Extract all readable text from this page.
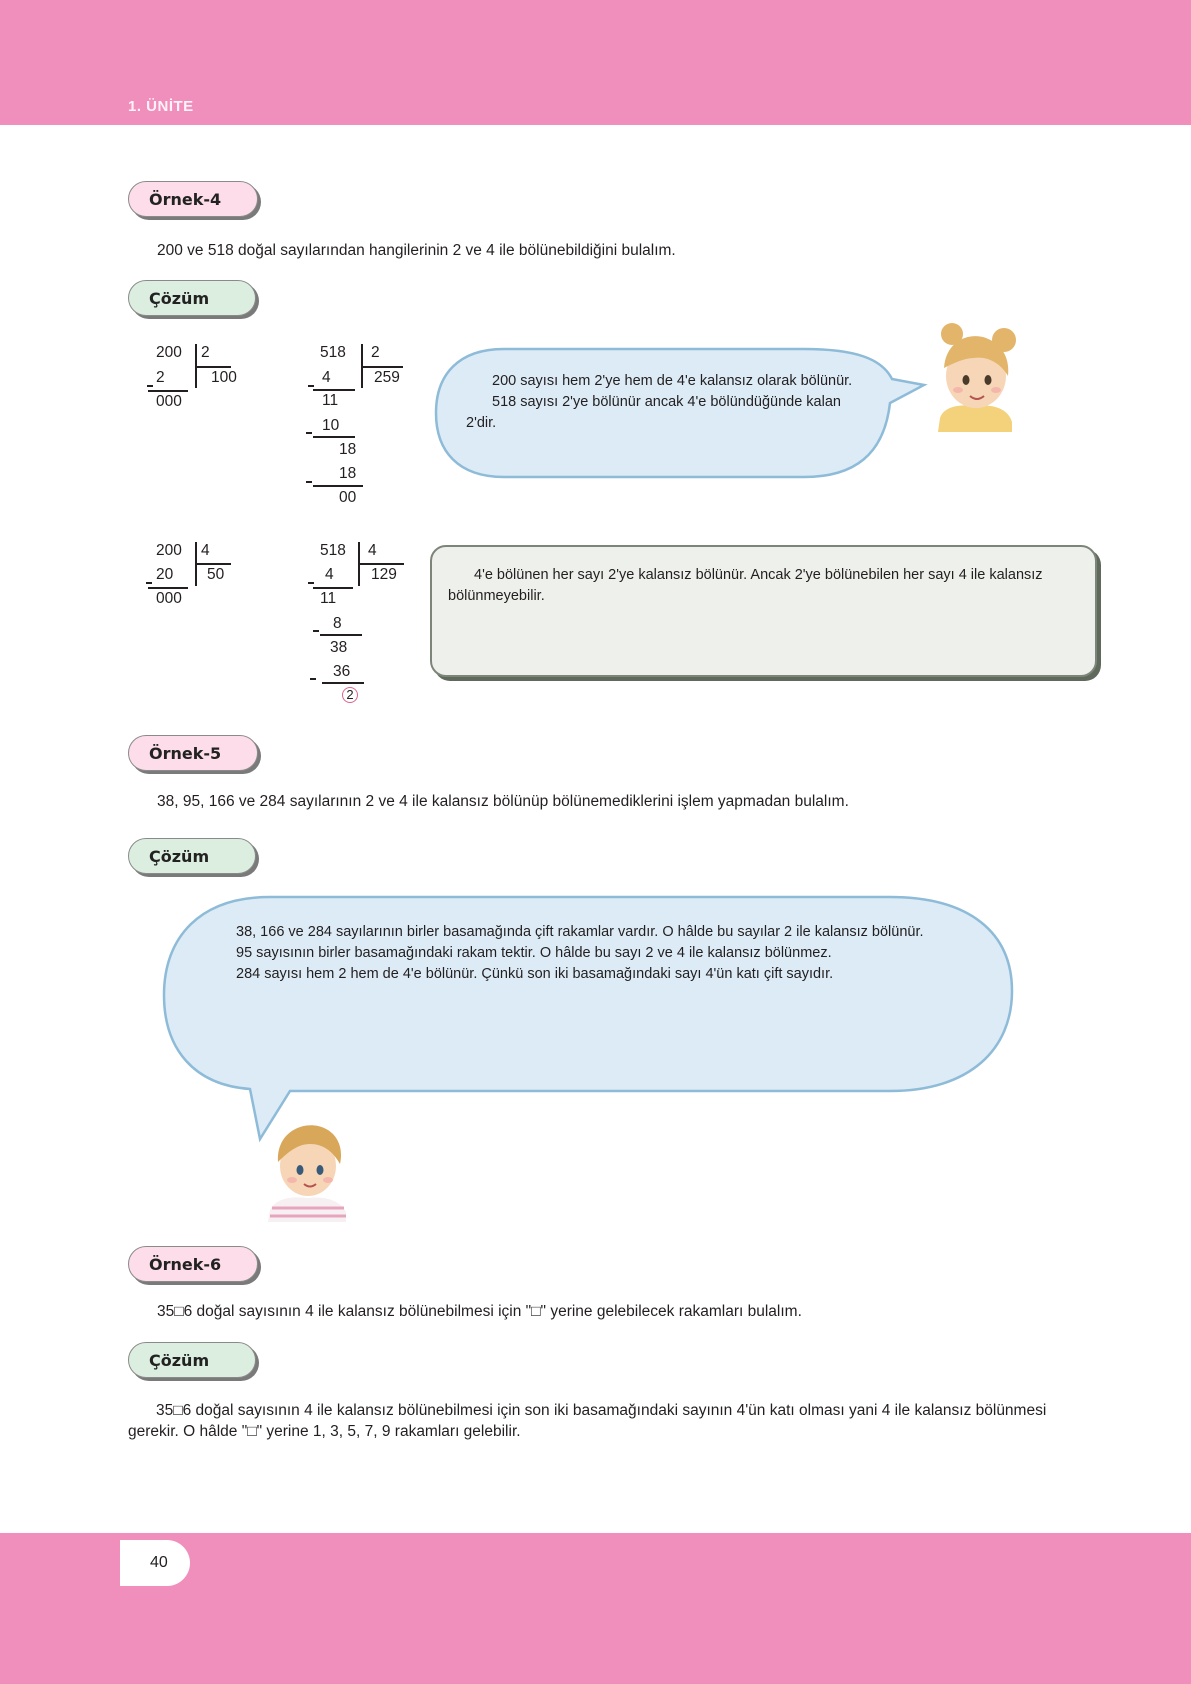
1. ÜNİTE
Örnek-4
200 ve 518 doğal sayılarından hangilerinin 2 ve 4 ile bölünebildiğini bulalım.
Çözüm
200 2
100
2
000
518 2
259
4
11
10
18
18
00
200 sayısı hem 2'ye hem de 4'e kalansız olarak bölünür.
518 sayısı 2'ye bölünür ancak 4'e bölündüğünde kalan 2'dir.
200 4
50
20
000
518 4
129
4
11
8
38
36
2
4'e bölünen her sayı 2'ye kalansız bölünür. Ancak 2'ye bölünebilen her sayı 4 ile kalansız bölünmeyebilir.
Örnek-5
38, 95, 166 ve 284 sayılarının 2 ve 4 ile kalansız bölünüp bölünemediklerini işlem yapmadan bulalım.
Çözüm
38, 166 ve 284 sayılarının birler basamağında çift rakamlar vardır. O hâlde bu sayılar 2 ile kalansız bölünür.
95 sayısının birler basamağındaki rakam tektir. O hâlde bu sayı 2 ve 4 ile kalansız bölünmez.
284 sayısı hem 2 hem de 4'e bölünür. Çünkü son iki basamağındaki sayı 4'ün katı çift sayıdır.
Örnek-6
35□6 doğal sayısının 4 ile kalansız bölünebilmesi için "□" yerine gelebilecek rakamları bulalım.
Çözüm
35□6 doğal sayısının 4 ile kalansız bölünebilmesi için son iki basamağındaki sayının 4'ün katı olması yani 4 ile kalansız bölünmesi gerekir. O hâlde "□" yerine 1, 3, 5, 7, 9 rakamları gelebilir.
40
